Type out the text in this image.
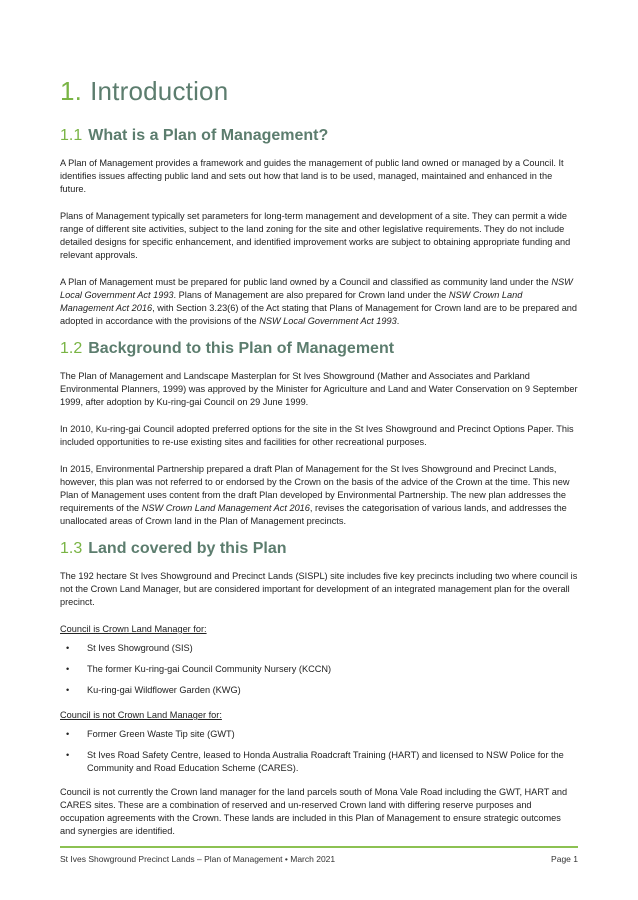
1. Introduction
1.1 What is a Plan of Management?

A Plan of Management provides a framework and guides the management of public land owned or managed by a Council. It identifies issues affecting public land and sets out how that land is to be used, managed, maintained and enhanced in the future.

Plans of Management typically set parameters for long-term management and development of a site. They can permit a wide range of different site activities, subject to the land zoning for the site and other legislative requirements. They do not include detailed designs for specific enhancement, and identified improvement works are subject to obtaining appropriate funding and relevant approvals.

A Plan of Management must be prepared for public land owned by a Council and classified as community land under the NSW Local Government Act 1993. Plans of Management are also prepared for Crown land under the NSW Crown Land Management Act 2016, with Section 3.23(6) of the Act stating that Plans of Management for Crown land are to be prepared and adopted in accordance with the provisions of the NSW Local Government Act 1993.

1.2 Background to this Plan of Management

The Plan of Management and Landscape Masterplan for St Ives Showground (Mather and Associates and Parkland Environmental Planners, 1999) was approved by the Minister for Agriculture and Land and Water Conservation on 9 September 1999, after adoption by Ku-ring-gai Council on 29 June 1999.

In 2010, Ku-ring-gai Council adopted preferred options for the site in the St Ives Showground and Precinct Options Paper. This included opportunities to re-use existing sites and facilities for other recreational purposes.

In 2015, Environmental Partnership prepared a draft Plan of Management for the St Ives Showground and Precinct Lands, however, this plan was not referred to or endorsed by the Crown on the basis of the advice of the Crown at the time. This new Plan of Management uses content from the draft Plan developed by Environmental Partnership. The new plan addresses the requirements of the NSW Crown Land Management Act 2016, revises the categorisation of various lands, and addresses the unallocated areas of Crown land in the Plan of Management precincts.

1.3 Land covered by this Plan

The 192 hectare St Ives Showground and Precinct Lands (SISPL) site includes five key precincts including two where council is not the Crown Land Manager, but are considered important for development of an integrated management plan for the overall precinct.

Council is Crown Land Manager for:
• St Ives Showground (SIS)
• The former Ku-ring-gai Council Community Nursery (KCCN)
• Ku-ring-gai Wildflower Garden (KWG)
Council is not Crown Land Manager for:
• Former Green Waste Tip site (GWT)
• St Ives Road Safety Centre, leased to Honda Australia Roadcraft Training (HART) and licensed to NSW Police for the Community and Road Education Scheme (CARES).

Council is not currently the Crown land manager for the land parcels south of Mona Vale Road including the GWT, HART and CARES sites. These are a combination of reserved and un-reserved Crown land with differing reserve purposes and occupation agreements with the Crown. These lands are included in this Plan of Management to ensure strategic outcomes and synergies are identified.

St Ives Showground Precinct Lands – Plan of Management • March 2021	Page 1
